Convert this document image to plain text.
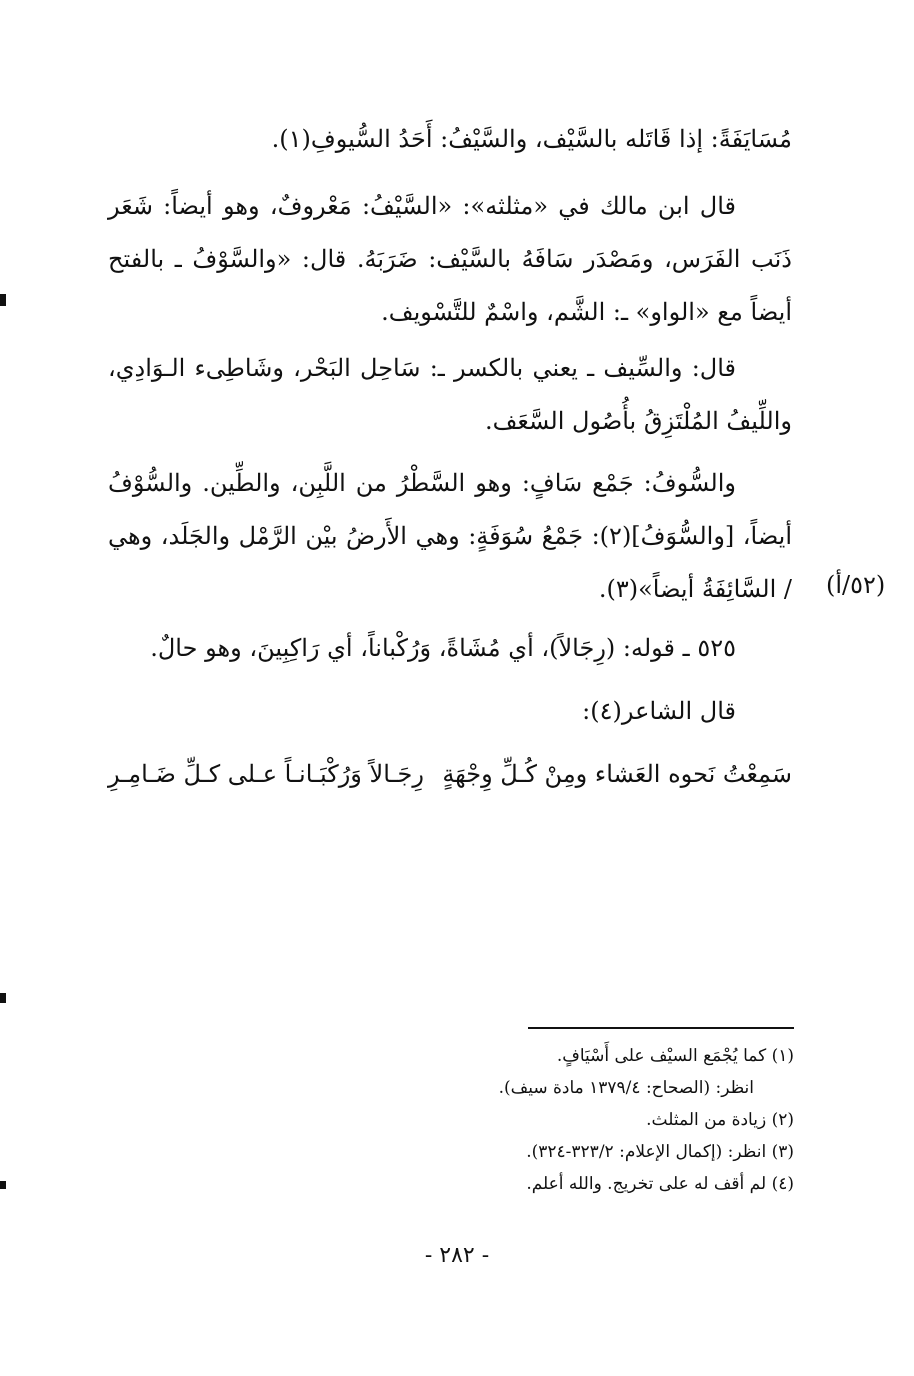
مُسَايَفَةً: إذا قَاتَله بالسَّيْف، والسَّيْفُ: أَحَدُ السُّيوفِ(١).

قال ابن مالك في «مثلثه»: «السَّيْفُ: مَعْروفٌ، وهو أيضاً: شَعَر ذَنَب الفَرَس، ومَصْدَر سَافَهُ بالسَّيْف: ضَرَبَهُ. قال: «والسَّوْفُ ـ بالفتح أيضاً مع «الواو» ـ: الشَّم، واسْمٌ للتَّسْويف.

قال: والسِّيف ـ يعني بالكسر ـ: سَاحِل البَحْر، وشَاطِىء الـوَادِي، واللِّيفُ المُلْتَزِقُ بأُصُول السَّعَف.

والسُّوفُ: جَمْع سَافٍ: وهو السَّطْرُ من اللَّبِن، والطِّين. والسُّوْفُ أيضاً، [والسُّوَفُ](٢): جَمْعُ سُوَفَةٍ: وهي الأَرضُ بيْن الرَّمْل والجَلَد، وهي / السَّائِفَةُ أيضاً»(٣). (٥٢/أ)

٥٢٥ ـ قوله: (رِجَالاً)، أي مُشَاةً، وَرُكْباناً، أي رَاكِبِينَ، وهو حالٌ.

قال الشاعر(٤):

سَمِعْتُ نَحوه العَشاء ومِنْ كُـلِّ وِجْهَةٍ
رِجَـالاً وَرُكْبَـانـاً عـلى كـلِّ ضَـامِـرِ
(١) كما يُجْمَع السيْف على أَسْيَافٍ.
انظر: (الصحاح: ١٣٧٩/٤ مادة سيف).
(٢) زيادة من المثلث.
(٣) انظر: (إكمال الإعلام: ٣٢٣/٢-٣٢٤).
(٤) لم أقف له على تخريج. والله أعلم.
- ٢٨٢ -
